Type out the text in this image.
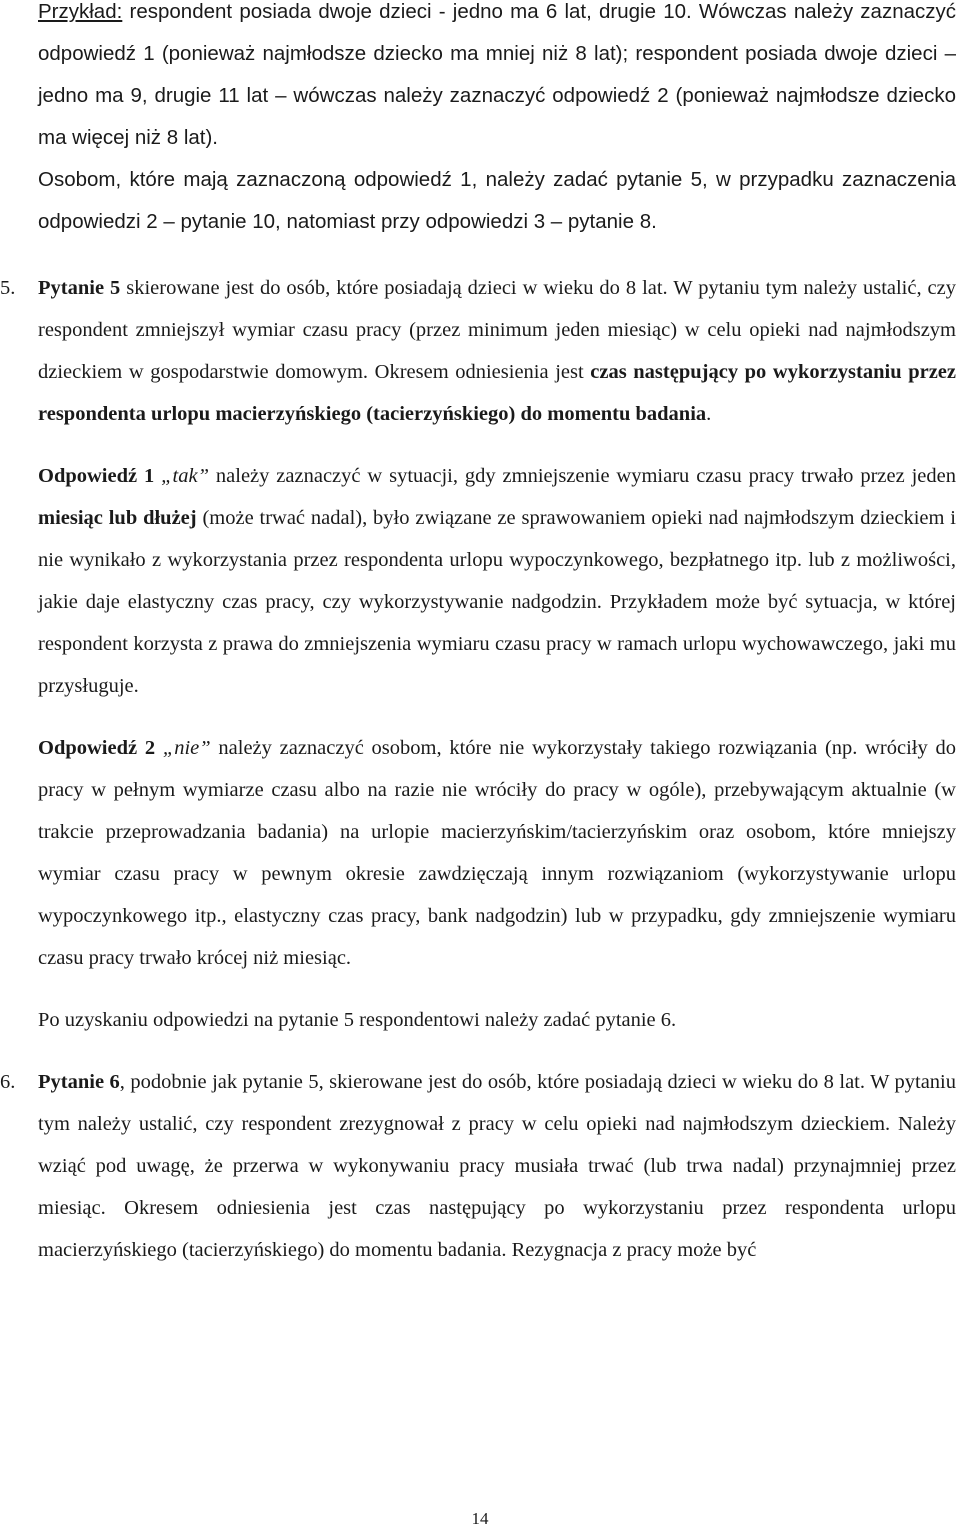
Przykład: respondent posiada dwoje dzieci - jedno ma 6 lat, drugie 10. Wówczas należy zaznaczyć odpowiedź 1 (ponieważ najmłodsze dziecko ma mniej niż 8 lat); respondent posiada dwoje dzieci – jedno ma 9, drugie 11 lat – wówczas należy zaznaczyć odpowiedź 2 (ponieważ najmłodsze dziecko ma więcej niż 8 lat).

Osobom, które mają zaznaczoną odpowiedź 1, należy zadać pytanie 5, w przypadku zaznaczenia odpowiedzi 2 – pytanie 10, natomiast przy odpowiedzi 3 – pytanie 8.

5. Pytanie 5 skierowane jest do osób, które posiadają dzieci w wieku do 8 lat. W pytaniu tym należy ustalić, czy respondent zmniejszył wymiar czasu pracy (przez minimum jeden miesiąc) w celu opieki nad najmłodszym dzieckiem w gospodarstwie domowym. Okresem odniesienia jest czas następujący po wykorzystaniu przez respondenta urlopu macierzyńskiego (tacierzyńskiego) do momentu badania.

Odpowiedź 1 „tak” należy zaznaczyć w sytuacji, gdy zmniejszenie wymiaru czasu pracy trwało przez jeden miesiąc lub dłużej (może trwać nadal), było związane ze sprawowaniem opieki nad najmłodszym dzieckiem i nie wynikało z wykorzystania przez respondenta urlopu wypoczynkowego, bezpłatnego itp. lub z możliwości, jakie daje elastyczny czas pracy, czy wykorzystywanie nadgodzin. Przykładem może być sytuacja, w której respondent korzysta z prawa do zmniejszenia wymiaru czasu pracy w ramach urlopu wychowawczego, jaki mu przysługuje.

Odpowiedź 2 „nie” należy zaznaczyć osobom, które nie wykorzystały takiego rozwiązania (np. wróciły do pracy w pełnym wymiarze czasu albo na razie nie wróciły do pracy w ogóle), przebywającym aktualnie (w trakcie przeprowadzania badania) na urlopie macierzyńskim/tacierzyńskim oraz osobom, które mniejszy wymiar czasu pracy w pewnym okresie zawdzięczają innym rozwiązaniom (wykorzystywanie urlopu wypoczynkowego itp., elastyczny czas pracy, bank nadgodzin) lub w przypadku, gdy zmniejszenie wymiaru czasu pracy trwało krócej niż miesiąc.

Po uzyskaniu odpowiedzi na pytanie 5 respondentowi należy zadać pytanie 6.

6. Pytanie 6, podobnie jak pytanie 5, skierowane jest do osób, które posiadają dzieci w wieku do 8 lat. W pytaniu tym należy ustalić, czy respondent zrezygnował z pracy w celu opieki nad najmłodszym dzieckiem. Należy wziąć pod uwagę, że przerwa w wykonywaniu pracy musiała trwać (lub trwa nadal) przynajmniej przez miesiąc. Okresem odniesienia jest czas następujący po wykorzystaniu przez respondenta urlopu macierzyńskiego (tacierzyńskiego) do momentu badania. Rezygnacja z pracy może być

14
